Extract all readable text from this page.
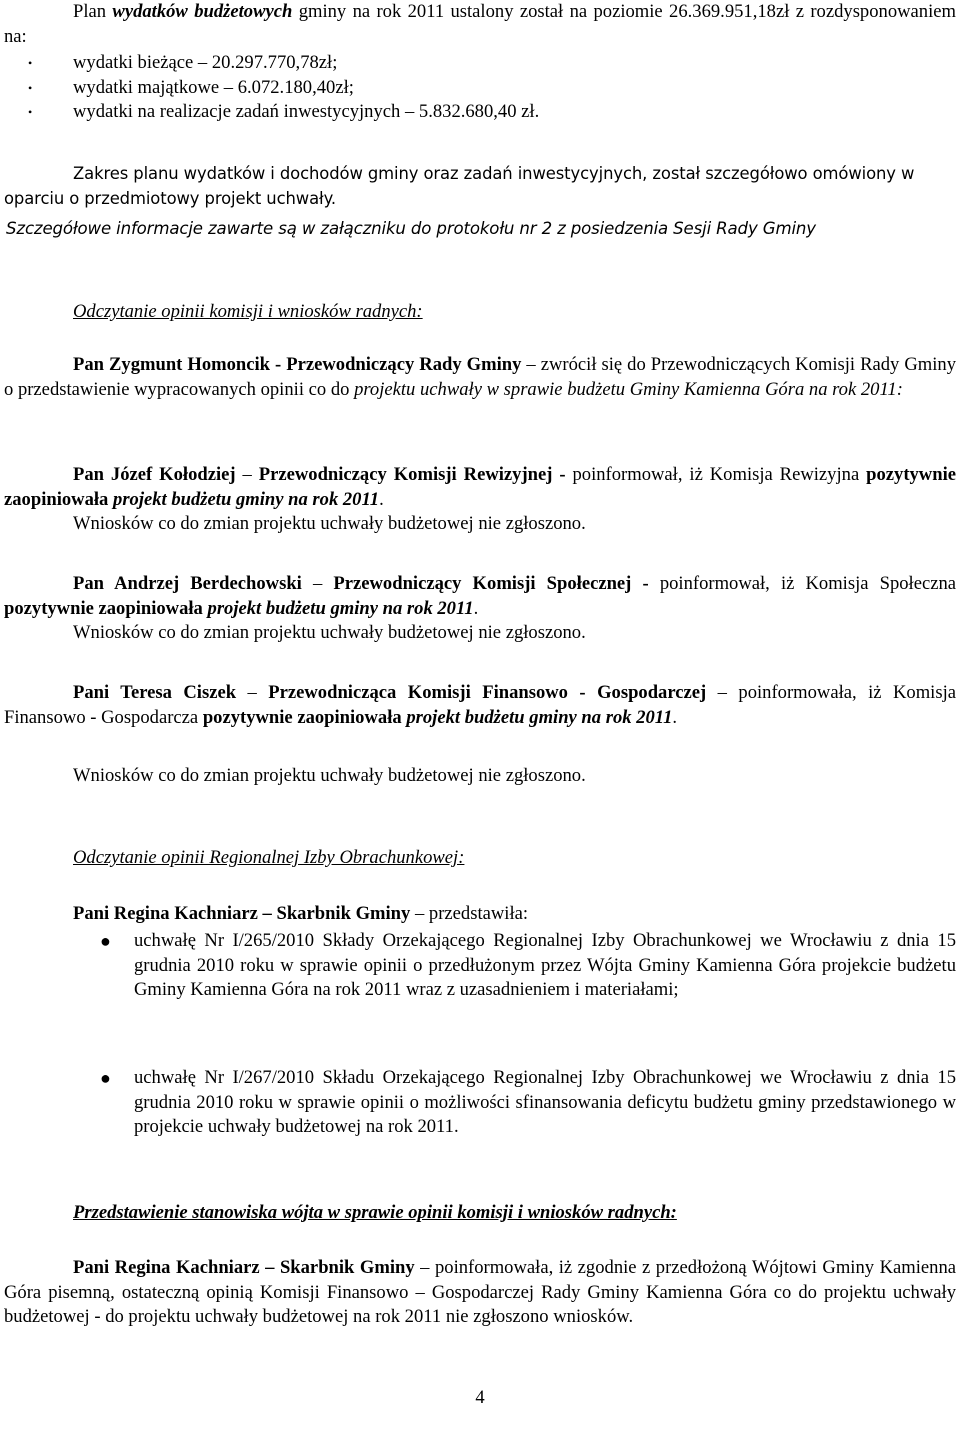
Plan wydatków budżetowych gminy na rok 2011 ustalony został na poziomie 26.369.951,18zł z rozdysponowaniem na:

• wydatki bieżące – 20.297.770,78zł;
• wydatki majątkowe – 6.072.180,40zł;
• wydatki na realizacje zadań inwestycyjnych – 5.832.680,40 zł.

Zakres planu wydatków i dochodów gminy oraz zadań inwestycyjnych, został szczegółowo omówiony w oparciu o przedmiotowy projekt uchwały.

Szczegółowe informacje zawarte są w załączniku do protokołu nr 2 z posiedzenia Sesji Rady Gminy

Odczytanie opinii komisji i wniosków radnych:

Pan Zygmunt Homoncik - Przewodniczący Rady Gminy – zwrócił się do Przewodniczących Komisji Rady Gminy o przedstawienie wypracowanych opinii co do projektu uchwały w sprawie budżetu Gminy Kamienna Góra na rok 2011:

Pan Józef Kołodziej – Przewodniczący Komisji Rewizyjnej - poinformował, iż Komisja Rewizyjna pozytywnie zaopiniowała projekt budżetu gminy na rok 2011.

Wniosków co do zmian projektu uchwały budżetowej nie zgłoszono.

Pan Andrzej Berdechowski – Przewodniczący Komisji Społecznej - poinformował, iż Komisja Społeczna pozytywnie zaopiniowała projekt budżetu gminy na rok 2011.

Wniosków co do zmian projektu uchwały budżetowej nie zgłoszono.

Pani Teresa Ciszek – Przewodnicząca Komisji Finansowo - Gospodarczej – poinformowała, iż Komisja Finansowo - Gospodarcza pozytywnie zaopiniowała projekt budżetu gminy na rok 2011.

Wniosków co do zmian projektu uchwały budżetowej nie zgłoszono.

Odczytanie opinii Regionalnej Izby Obrachunkowej:

Pani Regina Kachniarz – Skarbnik Gminy – przedstawiła:

● uchwałę Nr I/265/2010 Składy Orzekającego Regionalnej Izby Obrachunkowej we Wrocławiu z dnia 15 grudnia 2010 roku w sprawie opinii o przedłużonym przez Wójta Gminy Kamienna Góra projekcie budżetu Gminy Kamienna Góra na rok 2011 wraz z uzasadnieniem i materiałami;
● uchwałę Nr I/267/2010 Składu Orzekającego Regionalnej Izby Obrachunkowej we Wrocławiu z dnia 15 grudnia 2010 roku w sprawie opinii o możliwości sfinansowania deficytu budżetu gminy przedstawionego w projekcie uchwały budżetowej na rok 2011.

Przedstawienie stanowiska wójta w sprawie opinii komisji i wniosków radnych:

Pani Regina Kachniarz – Skarbnik Gminy – poinformowała, iż zgodnie z przedłożoną Wójtowi Gminy Kamienna Góra pisemną, ostateczną opinią Komisji Finansowo – Gospodarczej Rady Gminy Kamienna Góra co do projektu uchwały budżetowej - do projektu uchwały budżetowej na rok 2011 nie zgłoszono wniosków.

4
